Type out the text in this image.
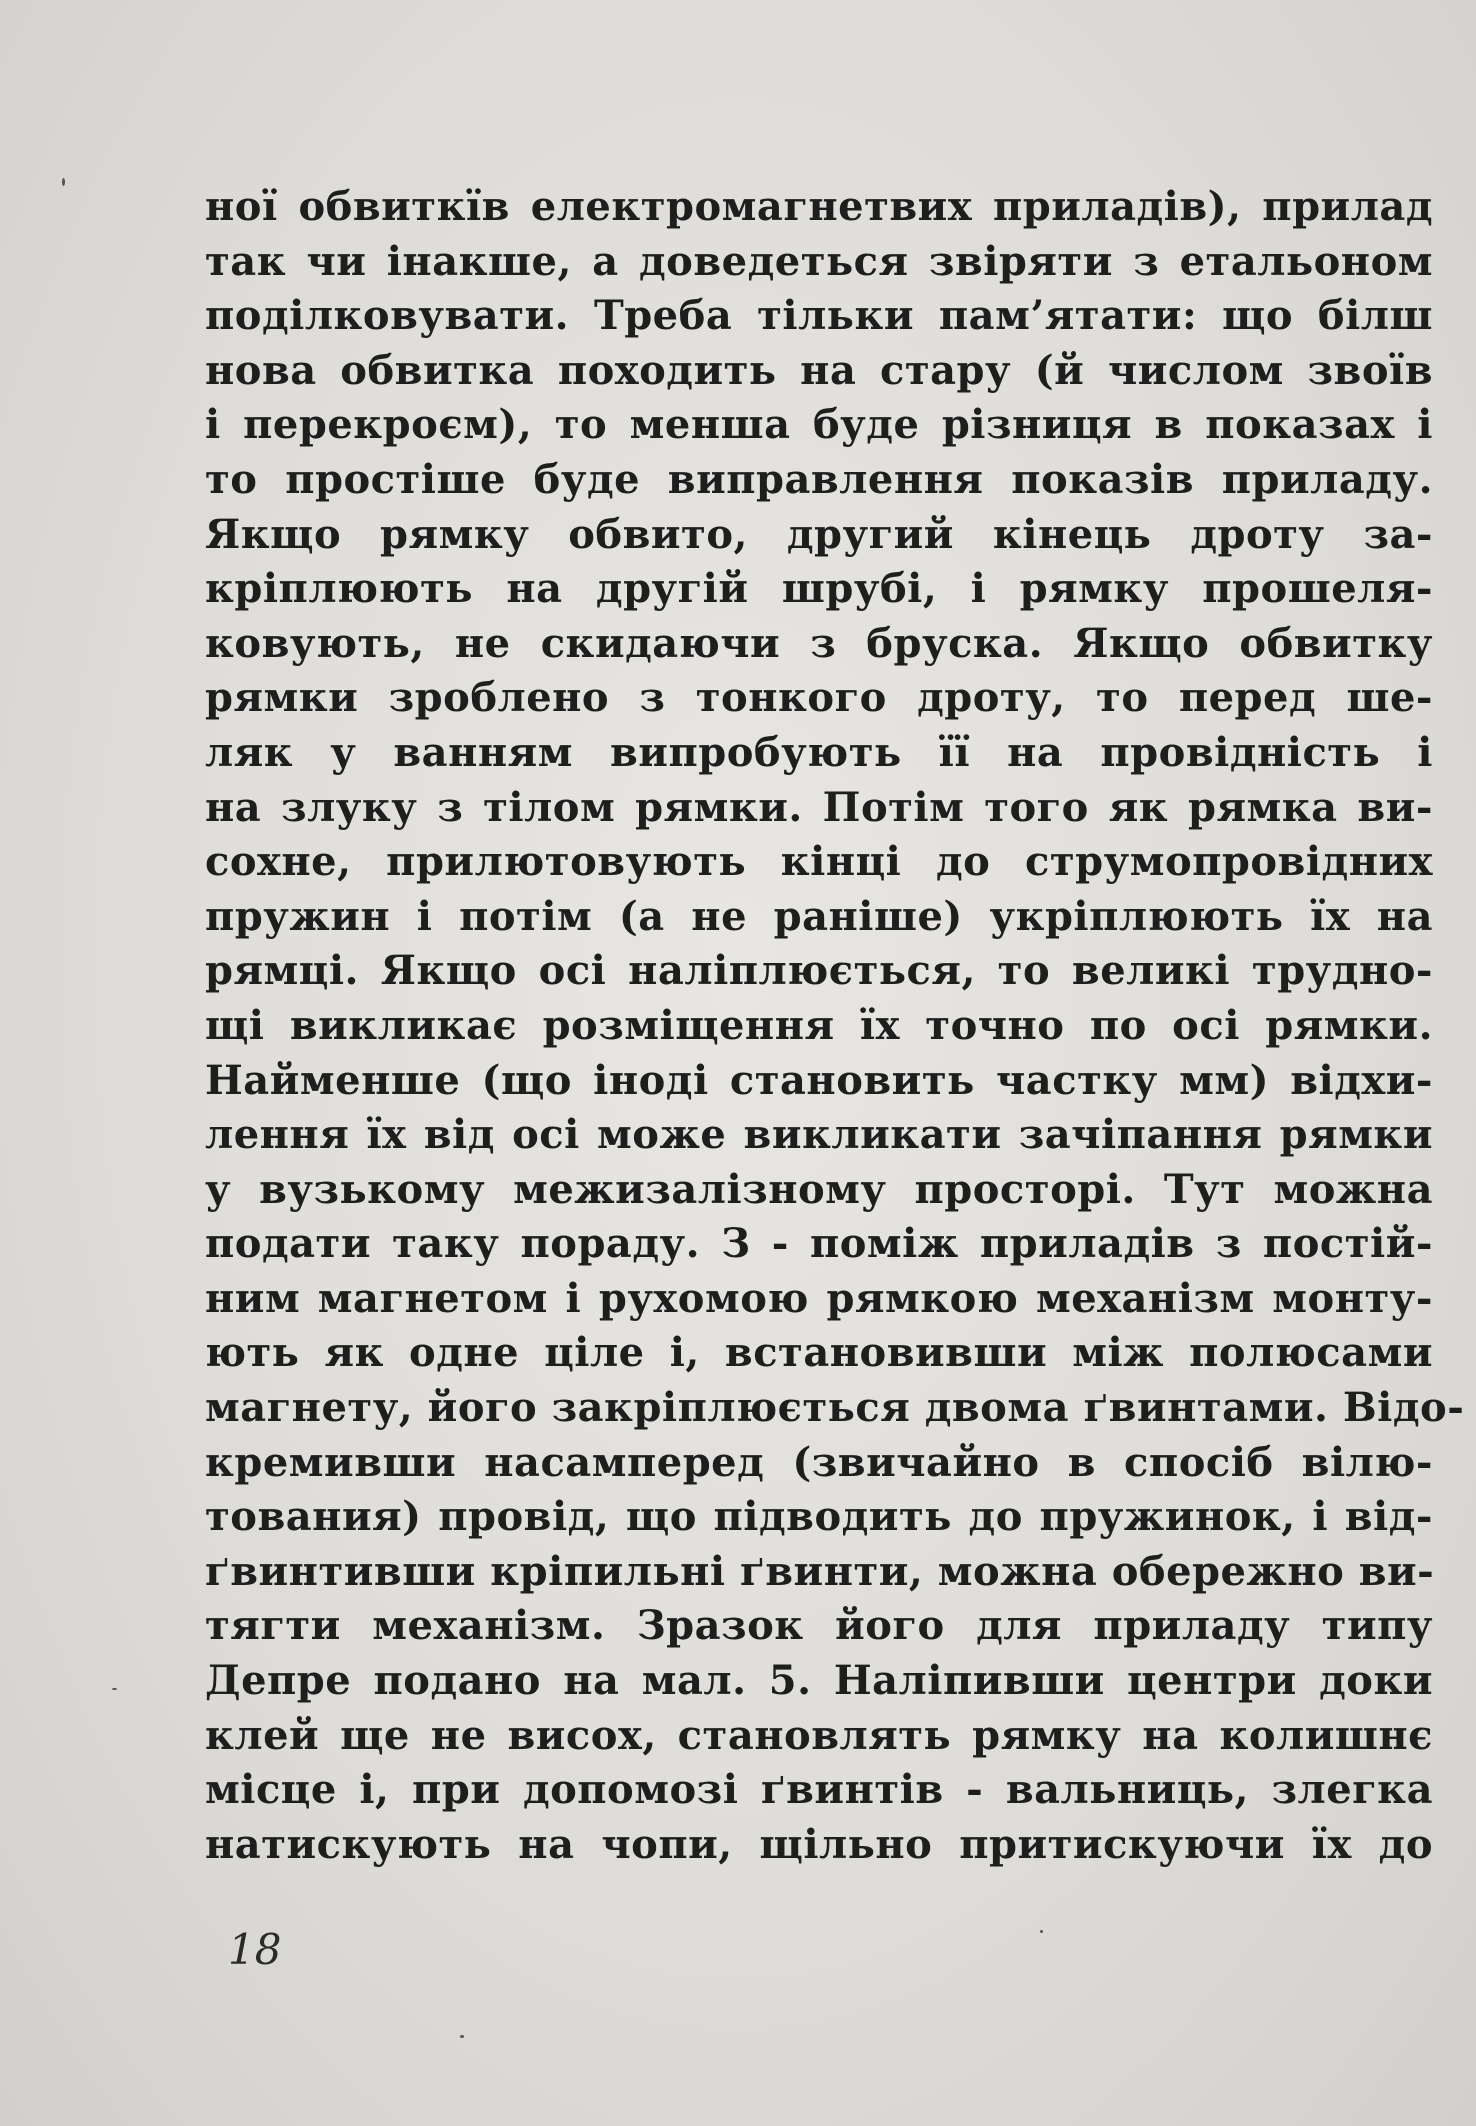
ної обвиткїв електромагнетвих приладів), прилад
так чи інакше, а доведеться звіряти з етальоном
поділковувати. Треба тільки пам’ятати: що білш
нова обвитка походить на стару (й числом звоїв
і перекроєм), то менша буде різниця в показах і
то простіше буде виправлення показів приладу.
Якщо рямку обвито, другий кінець дроту за-
кріплюють на другій шрубі, і рямку прошеля-
ковують, не скидаючи з бруска. Якщо обвитку
рямки зроблено з тонкого дроту, то перед ше-
ляк у ванням випробують її на провідність і
на злуку з тілом рямки. Потім того як рямка ви-
сохне, прилютовують кінці до струмопровідних
пружин і потім (а не раніше) укріплюють їх на
рямці. Якщо осі наліплюється, то великі трудно-
щі викликає розміщення їх точно по осі рямки.
Найменше (що іноді становить частку мм) відхи-
лення їх від осі може викликати зачіпання рямки
у вузькому межизалізному просторі. Тут можна
подати таку пораду. З - поміж приладів з постій-
ним магнетом і рухомою рямкою механізм монту-
ють як одне ціле і, встановивши між полюсами
магнету, його закріплюється двома ґвинтами. Відо-
кремивши насамперед (звичайно в спосіб вілю-
тования) провід, що підводить до пружинок, і від-
ґвинтивши кріпильні ґвинти, можна обережно ви-
тягти механізм. Зразок його для приладу типу
Депре подано на мал. 5. Наліпивши центри доки
клей ще не висох, становлять рямку на колишнє
місце і, при допомозі ґвинтів - вальниць, злегка
натискують на чопи, щільно притискуючи їх до
18
